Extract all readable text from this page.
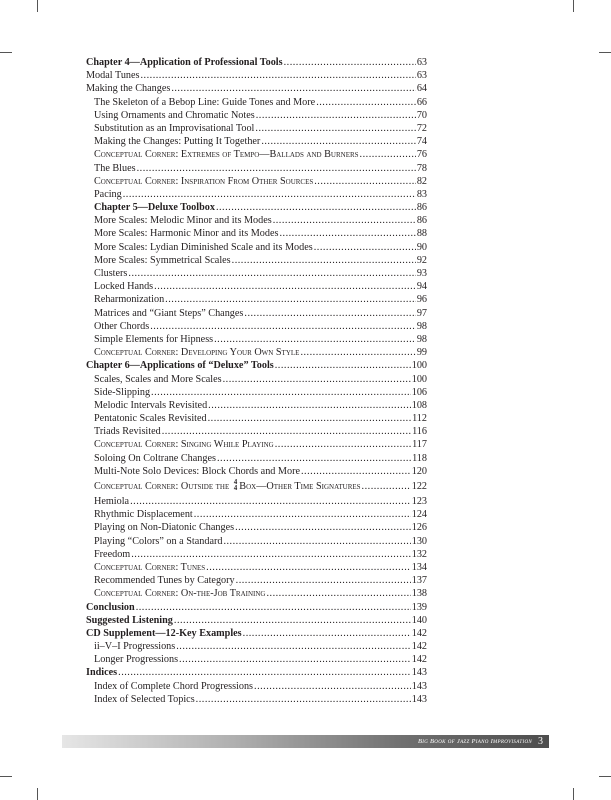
Chapter 4—Application of Professional Tools .....	63
Modal Tunes .....	63
Making the Changes .....	64
The Skeleton of a Bebop Line: Guide Tones and More .....	66
Using Ornaments and Chromatic Notes .....	70
Substitution as an Improvisational Tool .....	72
Making the Changes: Putting It Together .....	74
Conceptual Corner: Extremes of Tempo—Ballads and Burners .....	76
The Blues .....	78
Conceptual Corner: Inspiration From Other Sources .....	82
Pacing .....	83
Chapter 5—Deluxe Toolbox .....	86
More Scales: Melodic Minor and its Modes .....	86
More Scales: Harmonic Minor and its Modes .....	88
More Scales: Lydian Diminished Scale and its Modes .....	90
More Scales: Symmetrical Scales .....	92
Clusters .....	93
Locked Hands .....	94
Reharmonization .....	96
Matrices and “Giant Steps” Changes .....	97
Other Chords .....	98
Simple Elements for Hipness .....	98
Conceptual Corner: Developing Your Own Style .....	99
Chapter 6—Applications of “Deluxe” Tools .....	100
Scales, Scales and More Scales .....	100
Side-Slipping .....	106
Melodic Intervals Revisited .....	108
Pentatonic Scales Revisited .....	112
Triads Revisited .....	116
Conceptual Corner: Singing While Playing .....	117
Soloing On Coltrane Changes .....	118
Multi-Note Solo Devices: Block Chords and More .....	120
Conceptual Corner: Outside the 4
4 Box—Other Time Signatures .....	122
Hemiola .....	123
Rhythmic Displacement .....	124
Playing on Non-Diatonic Changes .....	126
Playing “Colors” on a Standard .....	130
Freedom .....	132
Conceptual Corner: Tunes .....	134
Recommended Tunes by Category .....	137
Conceptual Corner: On-the-Job Training .....	138
Conclusion .....	139
Suggested Listening .....	140
CD Supplement—12-Key Examples .....	142
ii–V–I Progressions .....	142
Longer Progressions .....	142
Indices .....	143
Index of Complete Chord Progressions .....	143
Index of Selected Topics .....	143
Big Book of Jazz Piano Improvisation 3
